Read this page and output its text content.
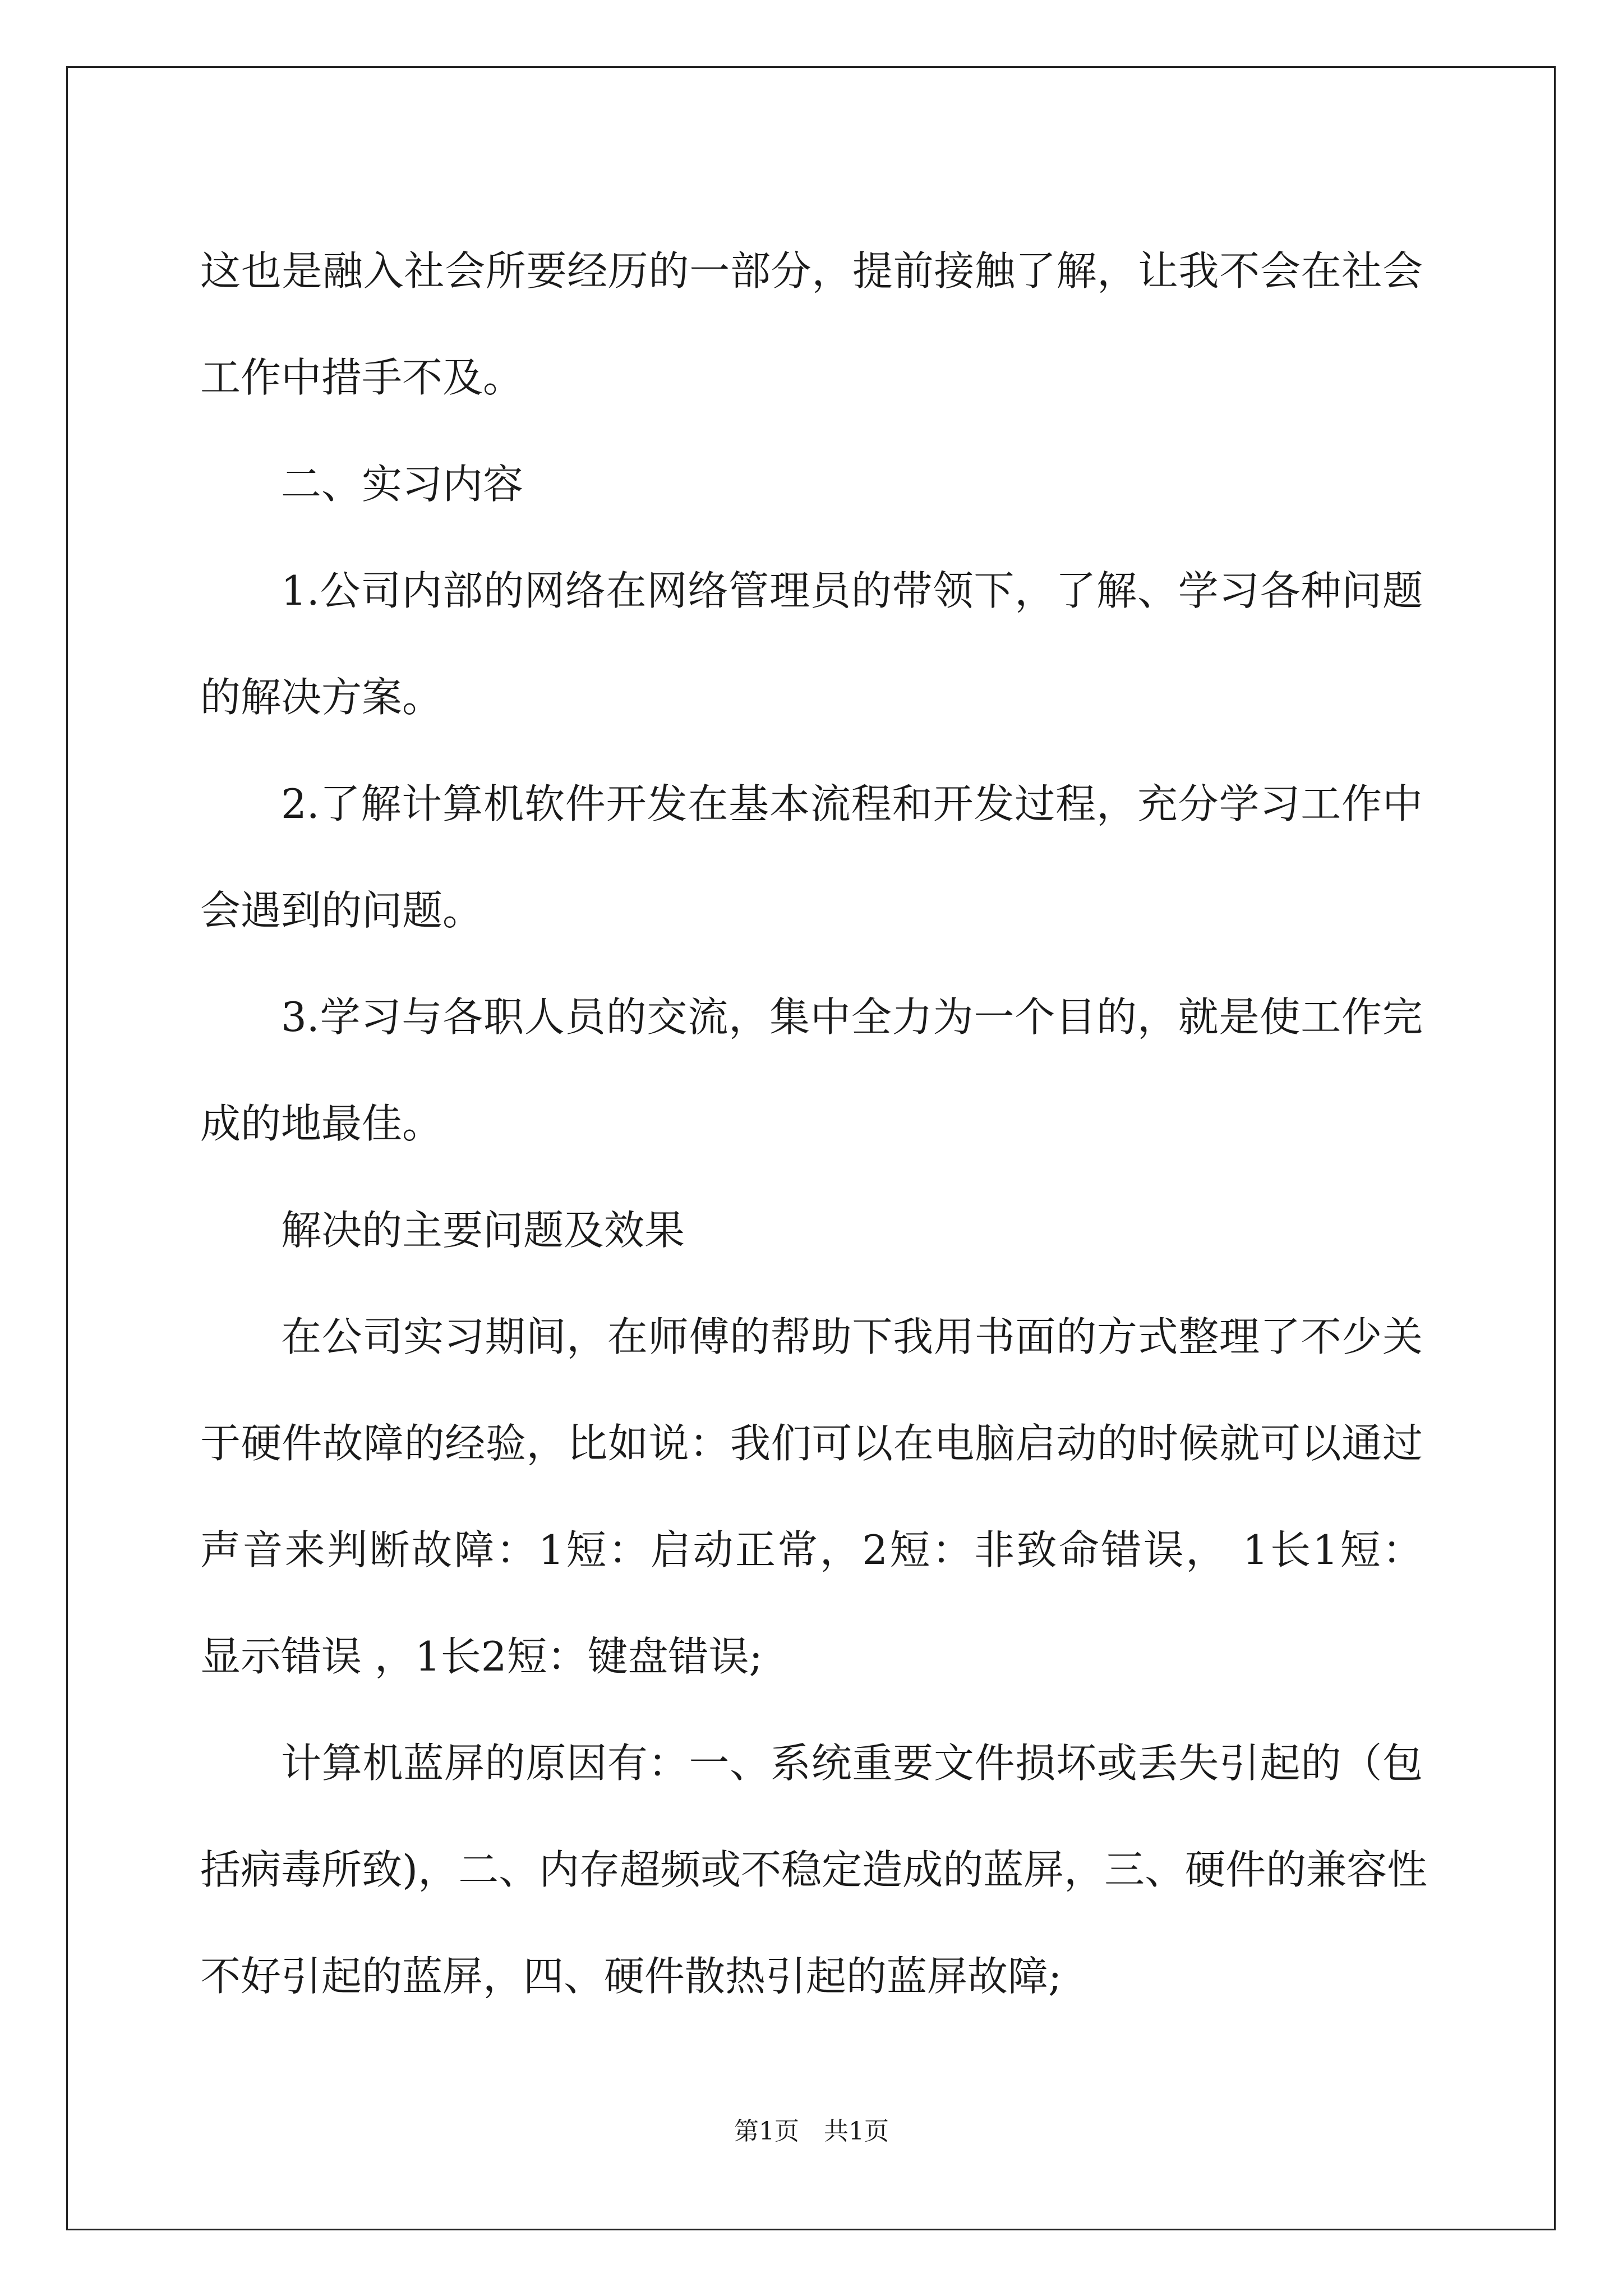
这也是融入社会所要经历的一部分，提前接触了解，让我不会在社会
工作中措手不及。
二、实习内容
1.公司内部的网络在网络管理员的带领下，了解、学习各种问题
的解决方案。
2.了解计算机软件开发在基本流程和开发过程，充分学习工作中
会遇到的问题。
3.学习与各职人员的交流，集中全力为一个目的，就是使工作完
成的地最佳。
解决的主要问题及效果
在公司实习期间，在师傅的帮助下我用书面的方式整理了不少关
于硬件故障的经验，比如说：我们可以在电脑启动的时候就可以通过
声音来判断故障：1短：启动正常，2短：非致命错误， 1长1短：
显示错误 ，1长2短：键盘错误;
计算机蓝屏的原因有：一、系统重要文件损坏或丢失引起的（包
括病毒所致)，二、内存超频或不稳定造成的蓝屏，三、硬件的兼容性
不好引起的蓝屏，四、硬件散热引起的蓝屏故障;
第1页　共1页
